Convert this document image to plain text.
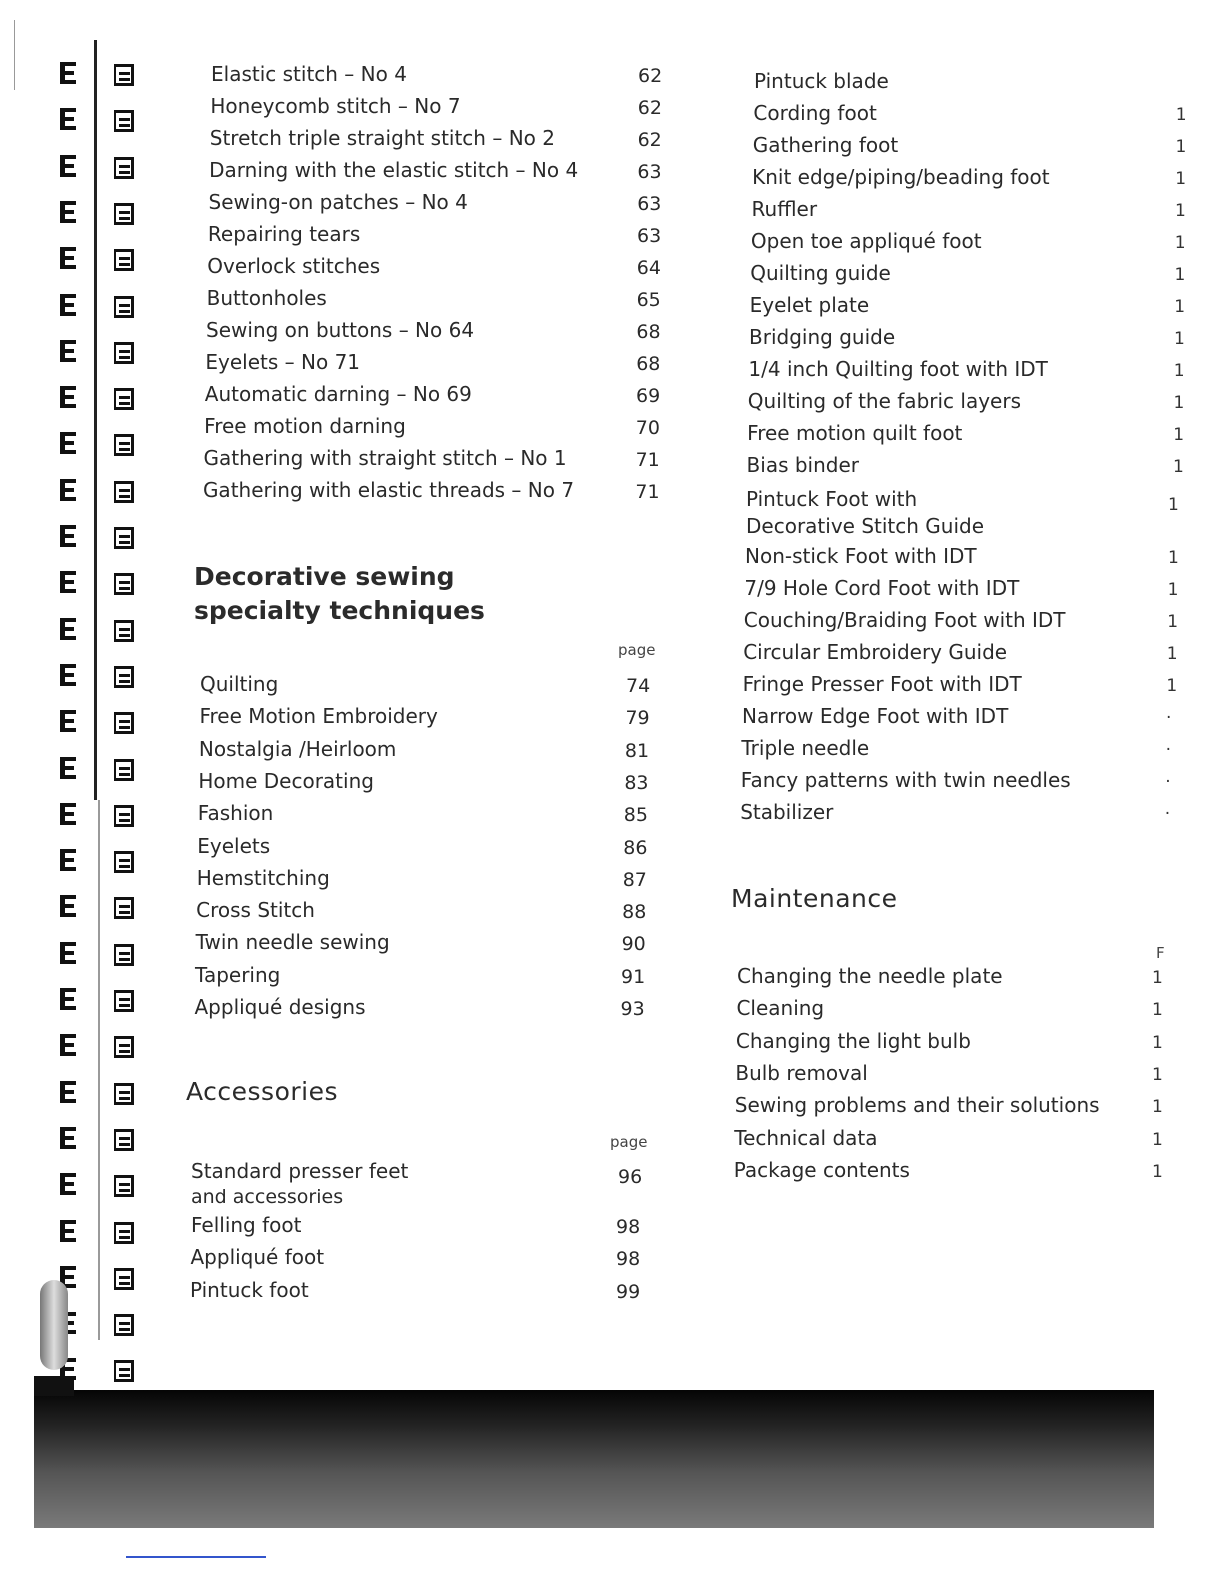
Elastic stitch – No 4	62
Honeycomb stitch – No 7	62
Stretch triple straight stitch – No 2	62
Darning with the elastic stitch – No 4	63
Sewing-on patches – No 4	63
Repairing tears	63
Overlock stitches	64
Buttonholes	65
Sewing on buttons – No 64	68
Eyelets – No 71	68
Automatic darning – No 69	69
Free motion darning	70
Gathering with straight stitch – No 1	71
Gathering with elastic threads – No 7	71
Decorative sewing
specialty techniques
page
Quilting	74
Free Motion Embroidery	79
Nostalgia /Heirloom	81
Home Decorating	83
Fashion	85
Eyelets	86
Hemstitching	87
Cross Stitch	88
Twin needle sewing	90
Tapering	91
Appliqué designs	93
Accessories
page
Standard presser feet
and accessories
96
Felling foot	98
Appliqué foot	98
Pintuck foot	99
Pintuck blade
Cording foot	1
Gathering foot	1
Knit edge/piping/beading foot	1
Ruffler	1
Open toe appliqué foot	1
Quilting guide	1
Eyelet plate	1
Bridging guide	1
1/4 inch Quilting foot with IDT	1
Quilting of the fabric layers	1
Free motion quilt foot	1
Bias binder	1
Pintuck Foot with
Decorative Stitch Guide
1
Non-stick Foot with IDT	1
7/9 Hole Cord Foot with IDT	1
Couching/Braiding Foot with IDT	1
Circular Embroidery Guide	1
Fringe Presser Foot with IDT	1
Narrow Edge Foot with IDT	·
Triple needle	·
Fancy patterns with twin needles	·
Stabilizer	·
Maintenance
F
Changing the needle plate	1
Cleaning	1
Changing the light bulb	1
Bulb removal	1
Sewing problems and their solutions	1
Technical data	1
Package contents	1
